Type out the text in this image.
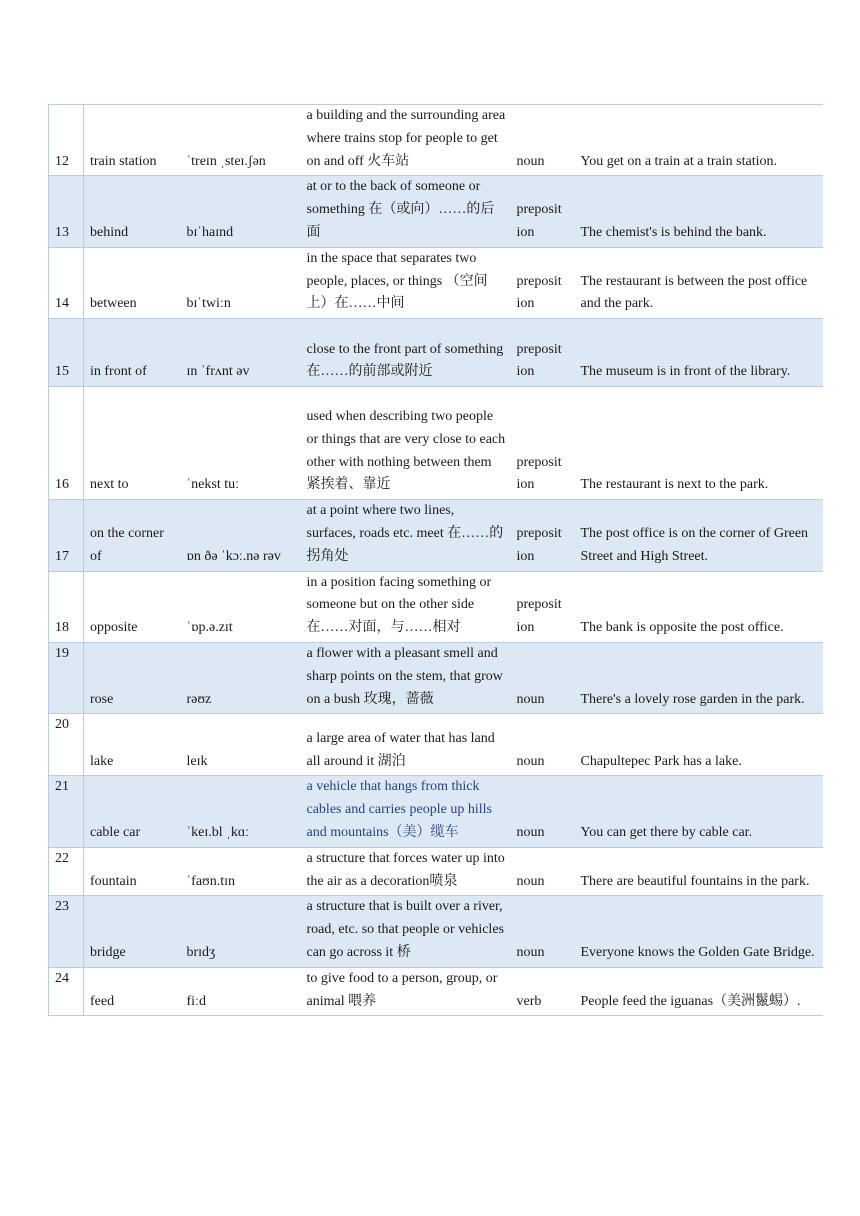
12	train station	ˈtreɪn ˌsteɪ.ʃən	a building and the surrounding area where trains stop for people to get on and off 火车站	noun	You get on a train at a train station.
13	behind	bɪˈhaɪnd	at or to the back of someone or something 在（或向）……的后面	preposit ion	The chemist's is behind the bank.
14	between	bɪˈtwiːn	in the space that separates two people, places, or things （空间上）在……中间	preposit ion	The restaurant is between the post office and the park.
15	in front of	ɪn ˈfrʌnt əv	close to the front part of something 在……的前部或附近	preposit ion	The museum is in front of the library.
16	next to	ˈnekst tuː	used when describing two people or things that are very close to each other with nothing between them 紧挨着、靠近	preposit ion	The restaurant is next to the park.
17	on the corner of	ɒn ðə ˈkɔː.nə rəv	at a point where two lines, surfaces, roads etc. meet 在……的拐角处	preposit ion	The post office is on the corner of Green Street and High Street.
18	opposite	ˈɒp.ə.zɪt	in a position facing something or someone but on the other side 在……对面，与……相对	preposit ion	The bank is opposite the post office.
19	rose	rəʊz	a flower with a pleasant smell and sharp points on the stem, that grow on a bush 玫瑰，蔷薇	noun	There's a lovely rose garden in the park.
20	lake	leɪk	a large area of water that has land all around it 湖泊	noun	Chapultepec Park has a lake.
21	cable car	ˈkeɪ.bl ˌkɑː	a vehicle that hangs from thick cables and carries people up hills and mountains（美）缆车	noun	You can get there by cable car.
22	fountain	ˈfaʊn.tɪn	a structure that forces water up into the air as a decoration喷泉	noun	There are beautiful fountains in the park.
23	bridge	brɪdʒ	a structure that is built over a river, road, etc. so that people or vehicles can go across it 桥	noun	Everyone knows the Golden Gate Bridge.
24	feed	fiːd	to give food to a person, group, or animal 喂养	verb	People feed the iguanas（美洲鬣蜴）.
